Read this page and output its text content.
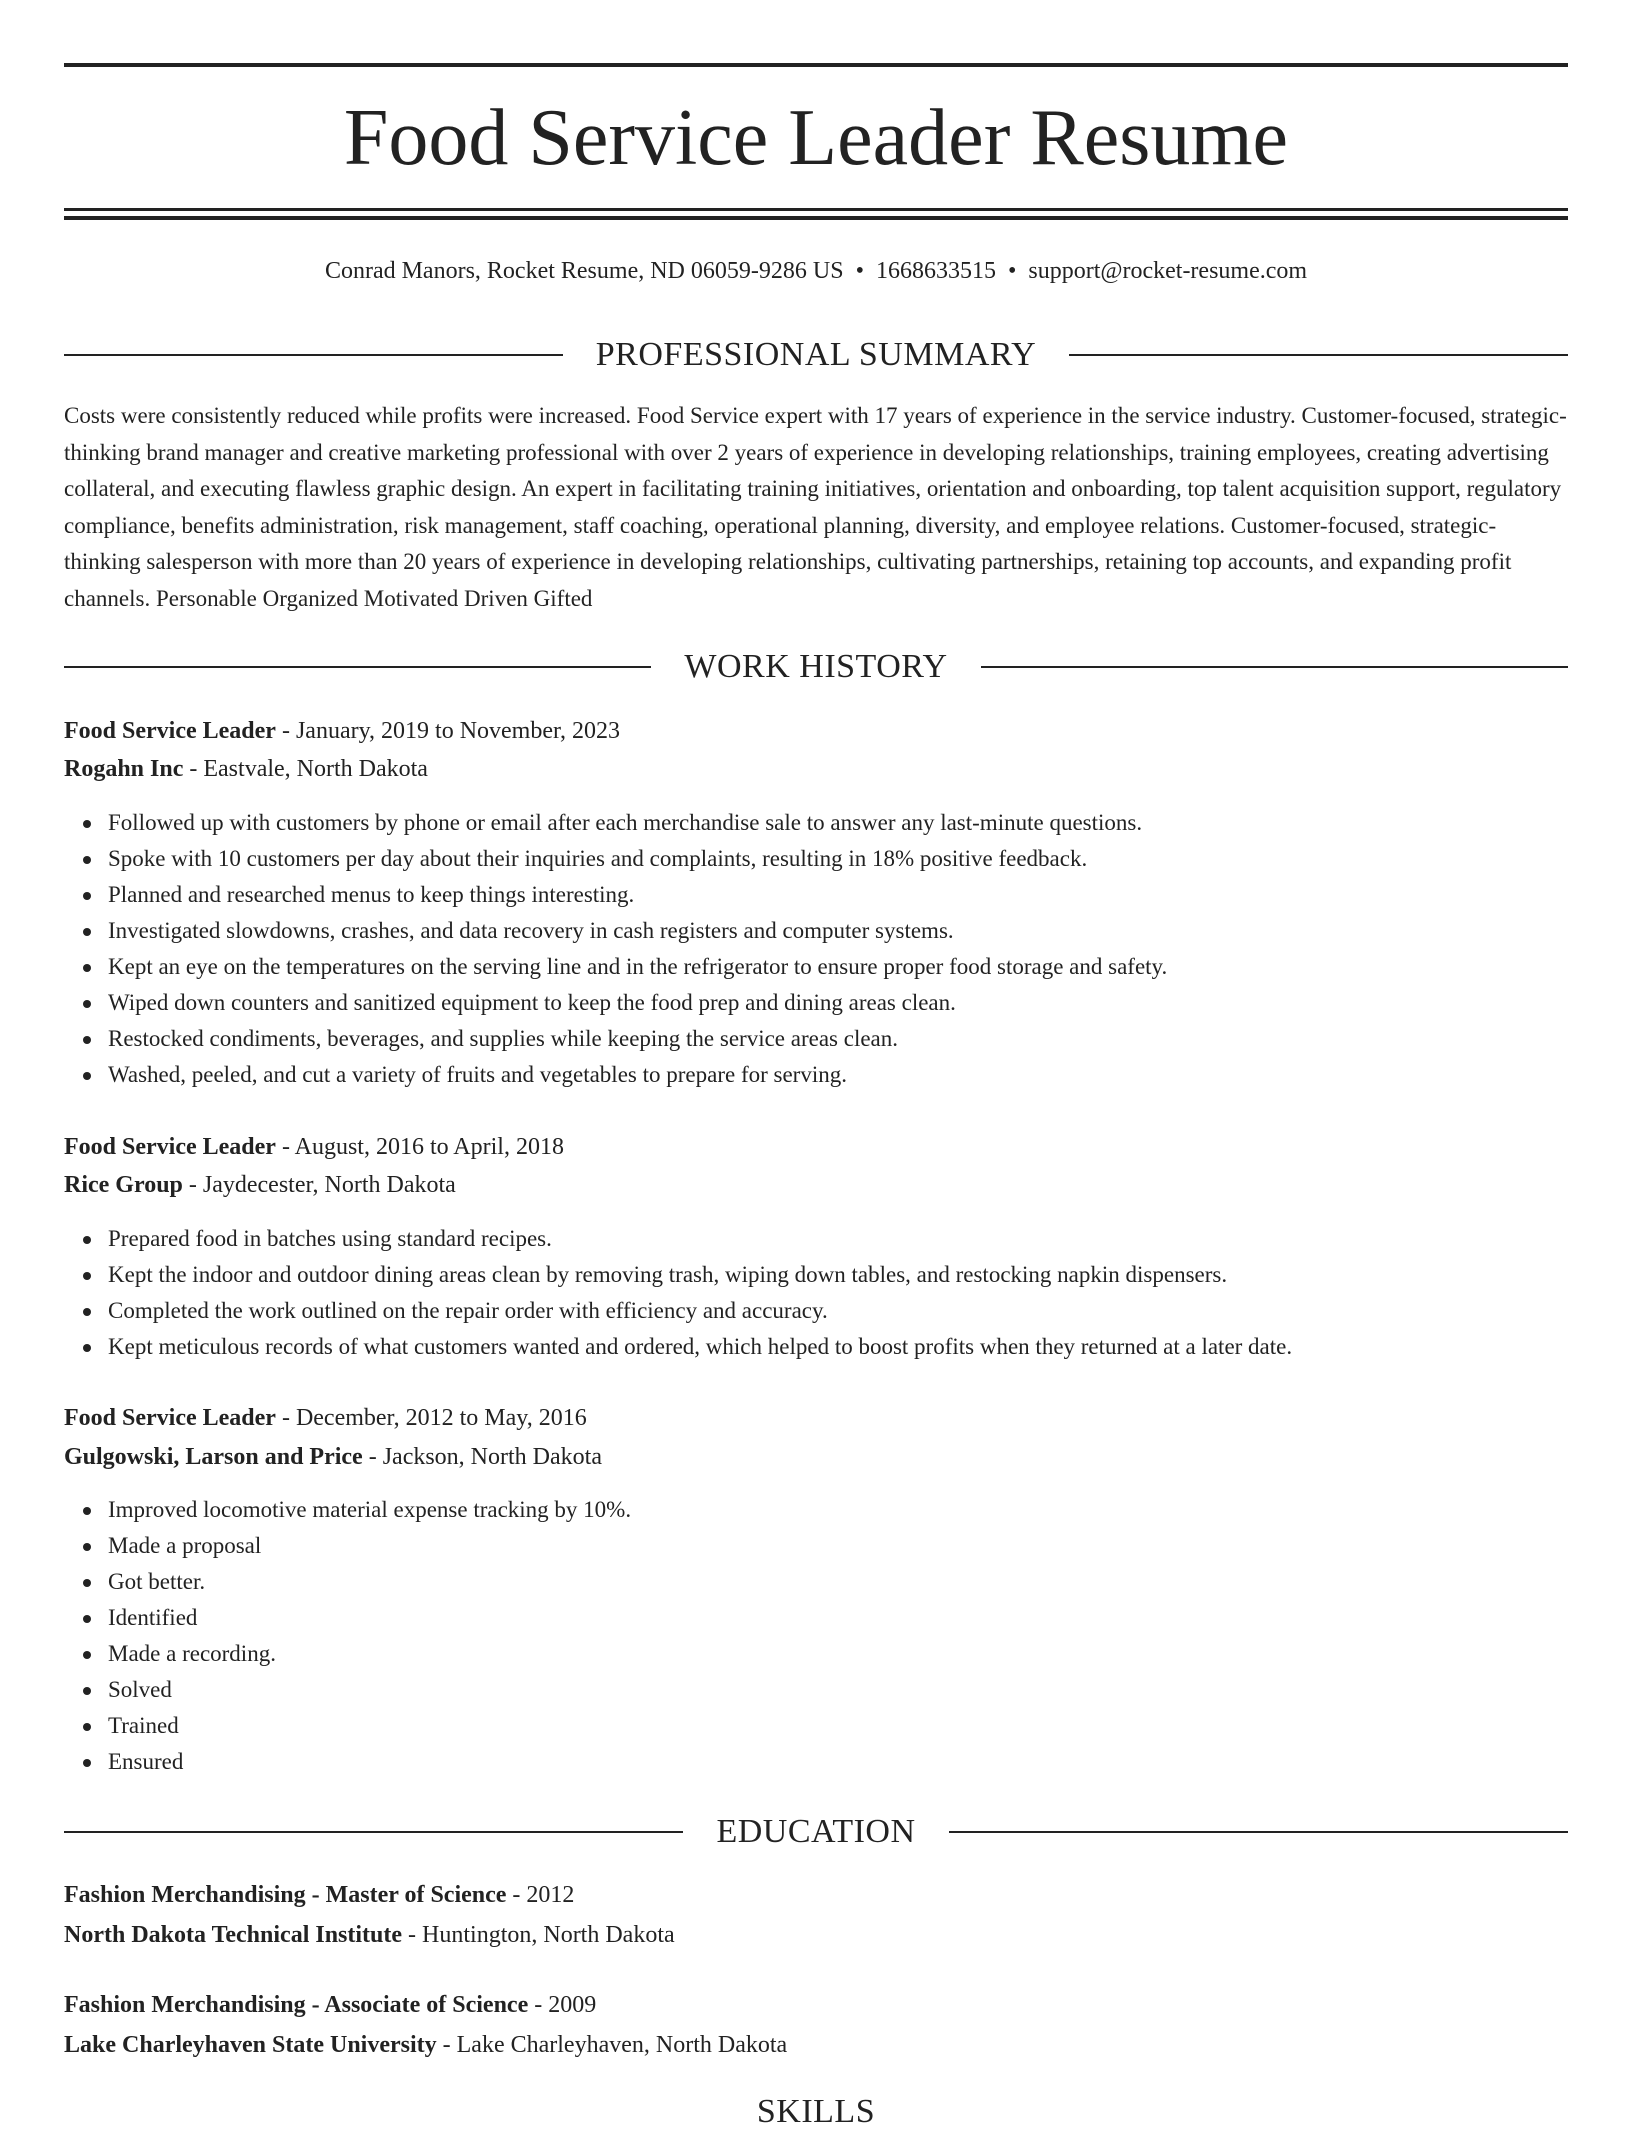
Food Service Leader Resume
Conrad Manors, Rocket Resume, ND 06059-9286 US • 1668633515 • support@rocket-resume.com
PROFESSIONAL SUMMARY

Costs were consistently reduced while profits were increased. Food Service expert with 17 years of experience in the service industry. Customer-focused, strategic-thinking brand manager and creative marketing professional with over 2 years of experience in developing relationships, training employees, creating advertising collateral, and executing flawless graphic design. An expert in facilitating training initiatives, orientation and onboarding, top talent acquisition support, regulatory compliance, benefits administration, risk management, staff coaching, operational planning, diversity, and employee relations. Customer-focused, strategic-thinking salesperson with more than 20 years of experience in developing relationships, cultivating partnerships, retaining top accounts, and expanding profit channels. Personable Organized Motivated Driven Gifted

WORK HISTORY
Food Service Leader - January, 2019 to November, 2023
Rogahn Inc - Eastvale, North Dakota
Followed up with customers by phone or email after each merchandise sale to answer any last-minute questions.
Spoke with 10 customers per day about their inquiries and complaints, resulting in 18% positive feedback.
Planned and researched menus to keep things interesting.
Investigated slowdowns, crashes, and data recovery in cash registers and computer systems.
Kept an eye on the temperatures on the serving line and in the refrigerator to ensure proper food storage and safety.
Wiped down counters and sanitized equipment to keep the food prep and dining areas clean.
Restocked condiments, beverages, and supplies while keeping the service areas clean.
Washed, peeled, and cut a variety of fruits and vegetables to prepare for serving.
Food Service Leader - August, 2016 to April, 2018
Rice Group - Jaydecester, North Dakota
Prepared food in batches using standard recipes.
Kept the indoor and outdoor dining areas clean by removing trash, wiping down tables, and restocking napkin dispensers.
Completed the work outlined on the repair order with efficiency and accuracy.
Kept meticulous records of what customers wanted and ordered, which helped to boost profits when they returned at a later date.
Food Service Leader - December, 2012 to May, 2016
Gulgowski, Larson and Price - Jackson, North Dakota
Improved locomotive material expense tracking by 10%.
Made a proposal
Got better.
Identified
Made a recording.
Solved
Trained
Ensured
EDUCATION
Fashion Merchandising - Master of Science - 2012
North Dakota Technical Institute - Huntington, North Dakota
Fashion Merchandising - Associate of Science - 2009
Lake Charleyhaven State University - Lake Charleyhaven, North Dakota
SKILLS
